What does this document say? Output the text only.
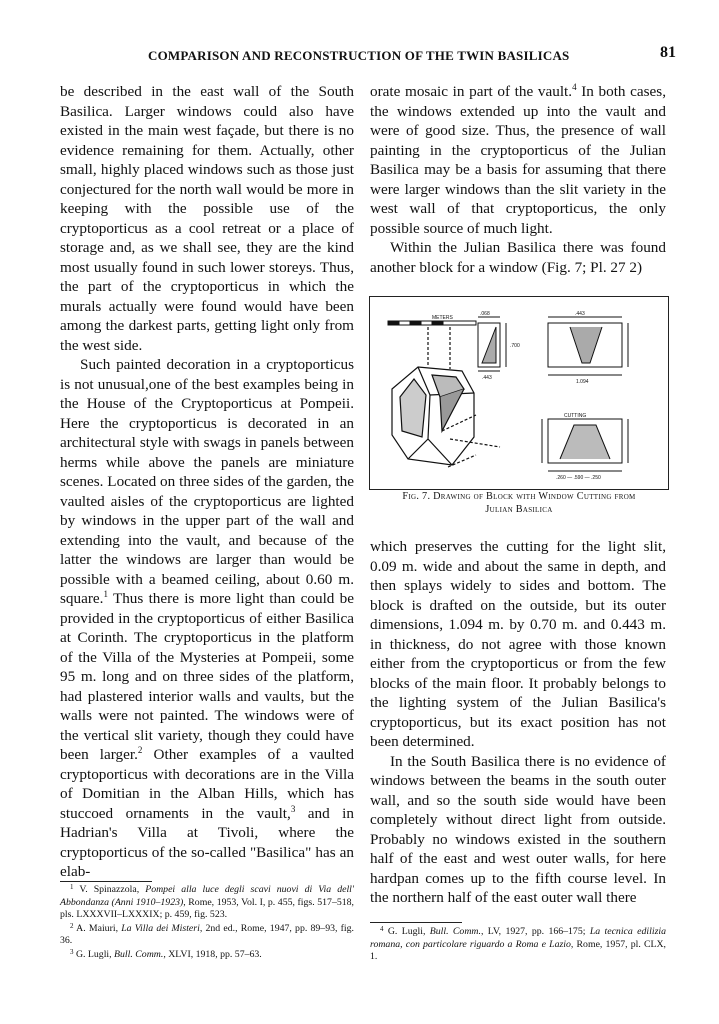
COMPARISON AND RECONSTRUCTION OF THE TWIN BASILICAS	81

be described in the east wall of the South Basilica. Larger windows could also have existed in the main west façade, but there is no evidence remaining for them. Actually, other small, highly placed windows such as those just conjectured for the north wall would be more in keeping with the possible use of the cryptoporticus as a cool retreat or a place of storage and, as we shall see, they are the kind most usually found in such lower storeys. Thus, the part of the cryptoporticus in which the murals actually were found would have been among the darkest parts, getting light only from the west side.

Such painted decoration in a cryptoporticus is not unusual,one of the best examples being in the House of the Cryptoporticus at Pompeii. Here the cryptoporticus is decorated in an architectural style with swags in panels between herms while above the panels are miniature scenes. Located on three sides of the garden, the vaulted aisles of the cryptoporticus are lighted by windows in the upper part of the wall and extending into the vault, and because of the latter the windows are larger than would be possible with a beamed ceiling, about 0.60 m. square.$^1$ Thus there is more light than could be provided in the cryptoporticus of either Basilica at Corinth. The cryptoporticus in the platform of the Villa of the Mysteries at Pompeii, some 95 m. long and on three sides of the platform, had plastered interior walls and vaults, but the walls were not painted. The windows were of the vertical slit variety, though they could have been larger.$^2$ Other examples of a vaulted cryptoporticus with decorations are in the Villa of Domitian in the Alban Hills, which has stuccoed ornaments in the vault,$^3$ and in Hadrian's Villa at Tivoli, where the cryptoporticus of the so-called "Basilica" has an elab-

$^1$ V. Spinazzola, Pompei alla luce degli scavi nuovi di Via dell' Abbondanza (Anni 1910–1923), Rome, 1953, Vol. I, p. 455, figs. 517–518, pls. LXXXVII–LXXXIX; p. 459, fig. 523.

$^2$ A. Maiuri, La Villa dei Misteri, 2nd ed., Rome, 1947, pp. 89–93, fig. 36.

$^3$ G. Lugli, Bull. Comm., XLVI, 1918, pp. 57–63.

orate mosaic in part of the vault.$^4$ In both cases, the windows extended up into the vault and were of good size. Thus, the presence of wall painting in the cryptoporticus of the Julian Basilica may be a basis for assuming that there were larger windows than the slit variety in the west wall of that cryptoporticus, the only possible source of much light.

Within the Julian Basilica there was found another block for a window (Fig. 7; Pl. 27 2)

METERS
.068	.443
.700
1.094
.443
CUTTING
.260 — .590 — .250
Fig. 7. Drawing of Block with Window Cutting from
Julian Basilica

which preserves the cutting for the light slit, 0.09 m. wide and about the same in depth, and then splays widely to sides and bottom. The block is drafted on the outside, but its outer dimensions, 1.094 m. by 0.70 m. and 0.443 m. in thickness, do not agree with those known either from the cryptoporticus or from the few blocks of the main floor. It probably belongs to the lighting system of the Julian Basilica's cryptoporticus, but its exact position has not been determined.

In the South Basilica there is no evidence of windows between the beams in the south outer wall, and so the south side would have been completely without direct light from outside. Probably no windows existed in the southern half of the east and west outer walls, for here hardpan comes up to the fifth course level. In the northern half of the east outer wall there

$^4$ G. Lugli, Bull. Comm., LV, 1927, pp. 166–175; La tecnica edilizia romana, con particolare riguardo a Roma e Lazio, Rome, 1957, pl. CLX, 1.
